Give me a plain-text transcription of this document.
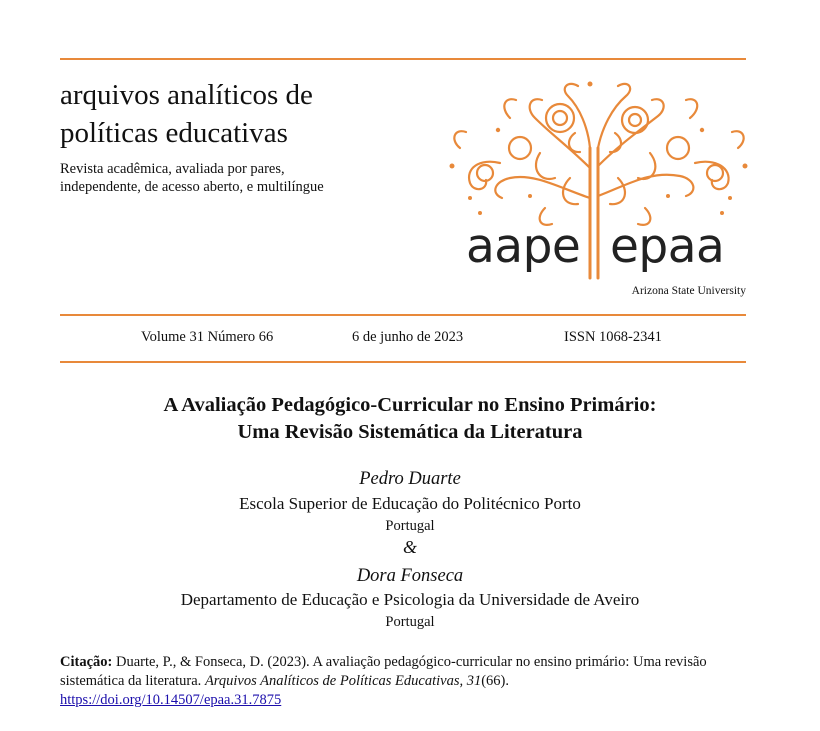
arquivos analíticos de
políticas educativas
Revista acadêmica, avaliada por pares,
independente, de acesso aberto, e multilíngue
aape epaa
Arizona State University
Volume 31 Número 66	6 de junho de 2023	ISSN 1068-2341
A Avaliação Pedagógico-Curricular no Ensino Primário:
Uma Revisão Sistemática da Literatura
Pedro Duarte
Escola Superior de Educação do Politécnico Porto
Portugal
&
Dora Fonseca
Departamento de Educação e Psicologia da Universidade de Aveiro
Portugal
Citação: Duarte, P., & Fonseca, D. (2023). A avaliação pedagógico-curricular no ensino primário: Uma revisão sistemática da literatura. Arquivos Analíticos de Políticas Educativas, 31(66).
https://doi.org/10.14507/epaa.31.7875
